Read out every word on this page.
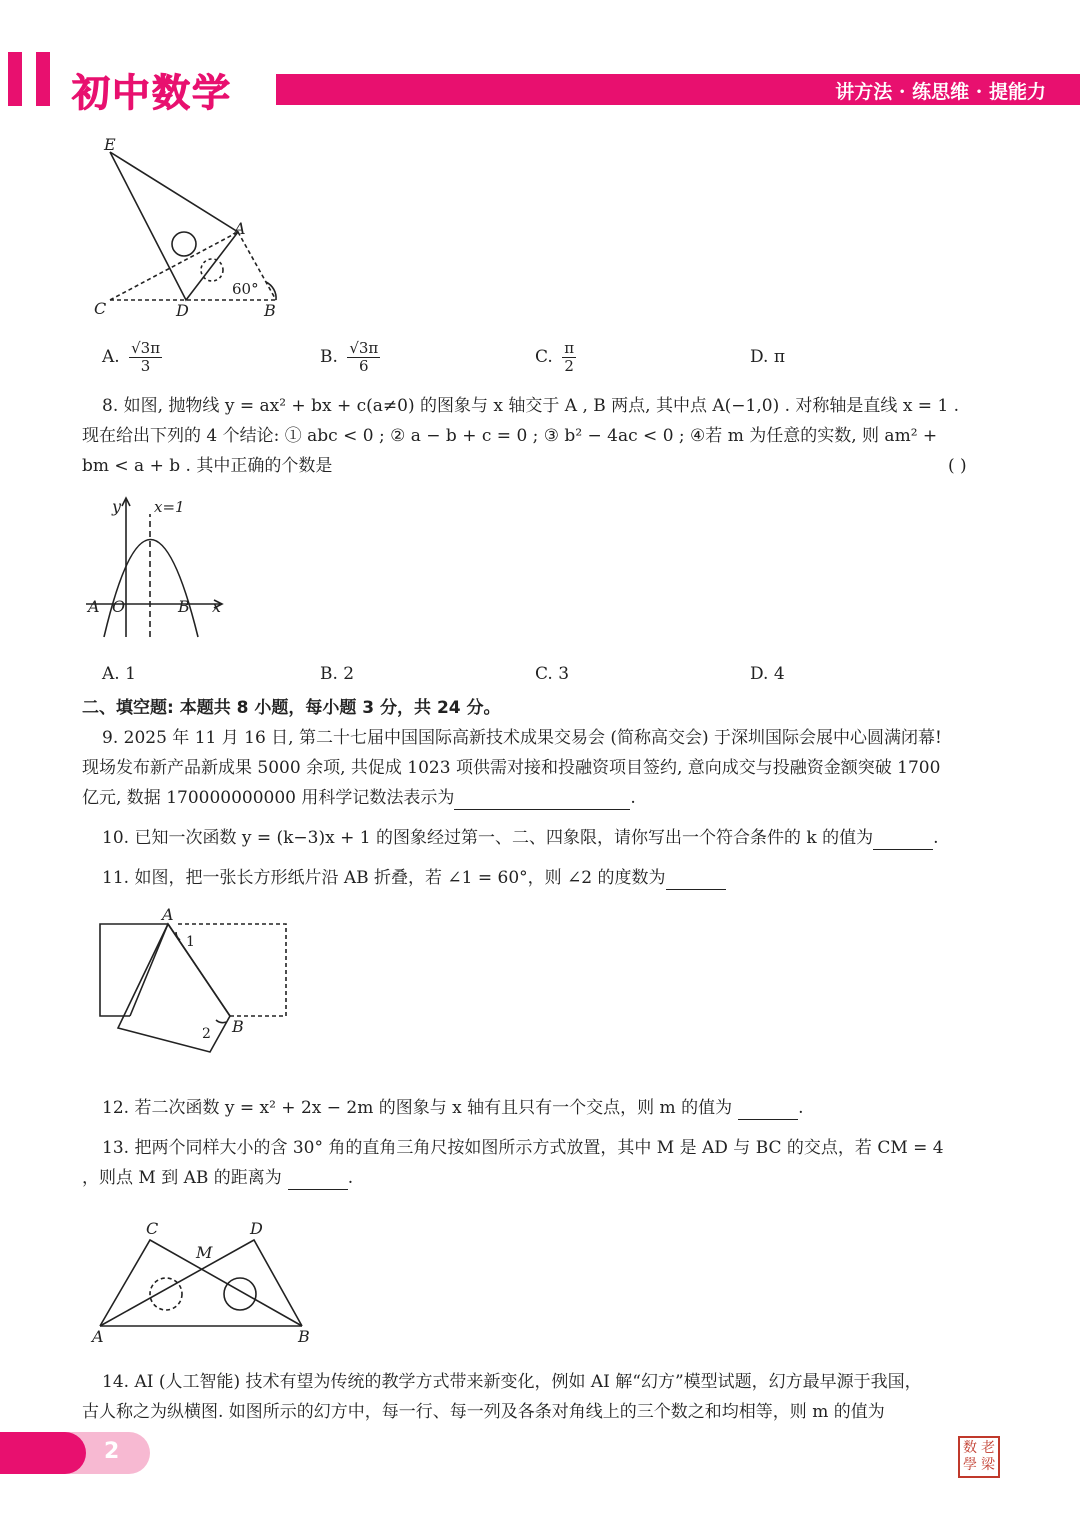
初中数学	讲方法 · 练思维 · 提能力
E
A
C	D	B
60°
A. $\frac{√3\pi}{3}$	B. $\frac{√3\pi}{6}$	C. $\frac{\pi}{2}$	D. π
8. 如图, 抛物线 y = ax² + bx + c(a≠0) 的图象与 x 轴交于 A , B 两点, 其中点 A(−1,0) . 对称轴是直线 x = 1 .
现在给出下列的 4 个结论: ① abc < 0 ; ② a − b + c = 0 ; ③ b² − 4ac < 0 ; ④若 m 为任意的实数, 则 am² +
bm < a + b . 其中正确的个数是	( )
y x=1
A O	B x
A. 1	B. 2	C. 3	D. 4
二、填空题: 本题共 8 小题，每小题 3 分，共 24 分。
9. 2025 年 11 月 16 日, 第二十七届中国国际高新技术成果交易会 (简称高交会) 于深圳国际会展中心圆满闭幕!
现场发布新产品新成果 5000 余项, 共促成 1023 项供需对接和投融资项目签约, 意向成交与投融资金额突破 1700
亿元, 数据 170000000000 用科学记数法表示为	.
10. 已知一次函数 y = (k−3)x + 1 的图象经过第一、二、四象限，请你写出一个符合条件的 k 的值为	.
11. 如图，把一张长方形纸片沿 AB 折叠，若 ∠1 = 60°，则 ∠2 的度数为
A
1
B
2
12. 若二次函数 y = x² + 2x − 2m 的图象与 x 轴有且只有一个交点，则 m 的值为	.
13. 把两个同样大小的含 30° 角的直角三角尺按如图所示方式放置，其中 M 是 AD 与 BC 的交点，若 CM = 4
，则点 M 到 AB 的距离为	.
C	D
M
A	B
14. AI (人工智能) 技术有望为传统的教学方式带来新变化，例如 AI 解“幻方”模型试题，幻方最早源于我国，
古人称之为纵横图. 如图所示的幻方中，每一行、每一列及各条对角线上的三个数之和均相等，则 m 的值为
2	数 老
學 梁
